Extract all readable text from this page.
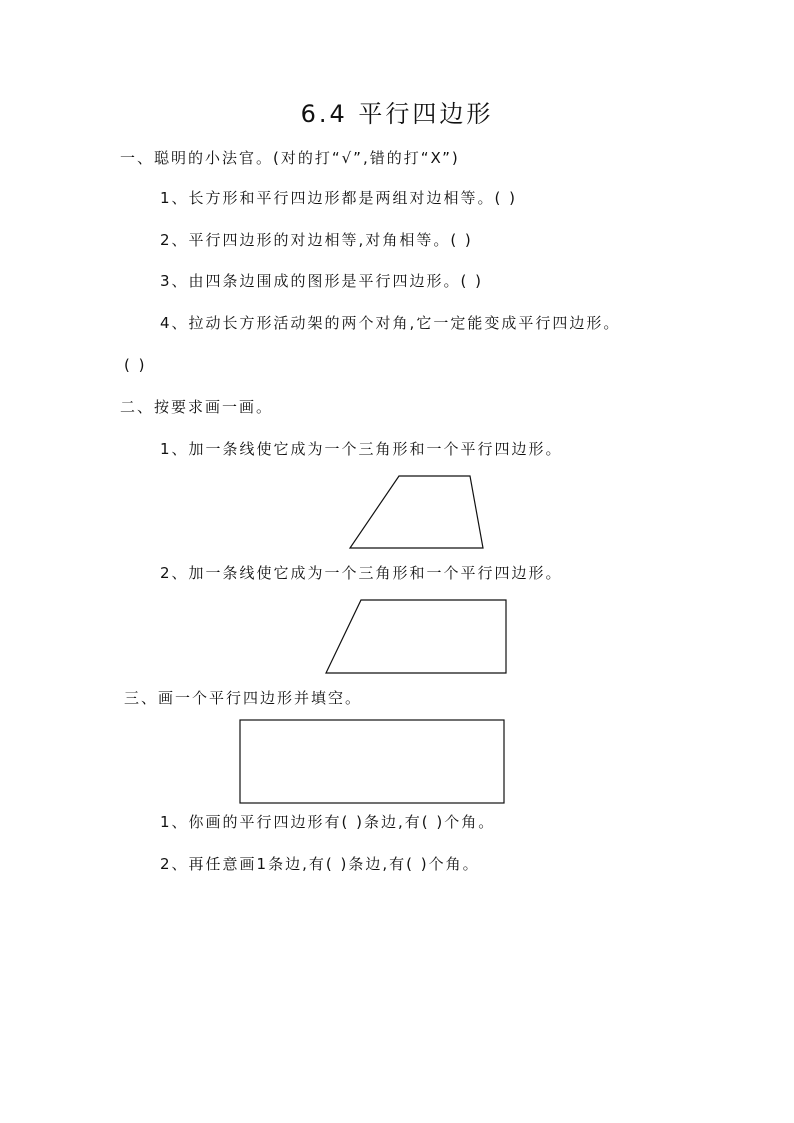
6.4 平行四边形
一、聪明的小法官。(对的打“√”,错的打“X”)
1、长方形和平行四边形都是两组对边相等。( )
2、平行四边形的对边相等,对角相等。( )
3、由四条边围成的图形是平行四边形。( )
4、拉动长方形活动架的两个对角,它一定能变成平行四边形。
( )
二、按要求画一画。
1、加一条线使它成为一个三角形和一个平行四边形。
2、加一条线使它成为一个三角形和一个平行四边形。
三、画一个平行四边形并填空。
1、你画的平行四边形有( )条边,有( )个角。
2、再任意画1条边,有( )条边,有( )个角。
